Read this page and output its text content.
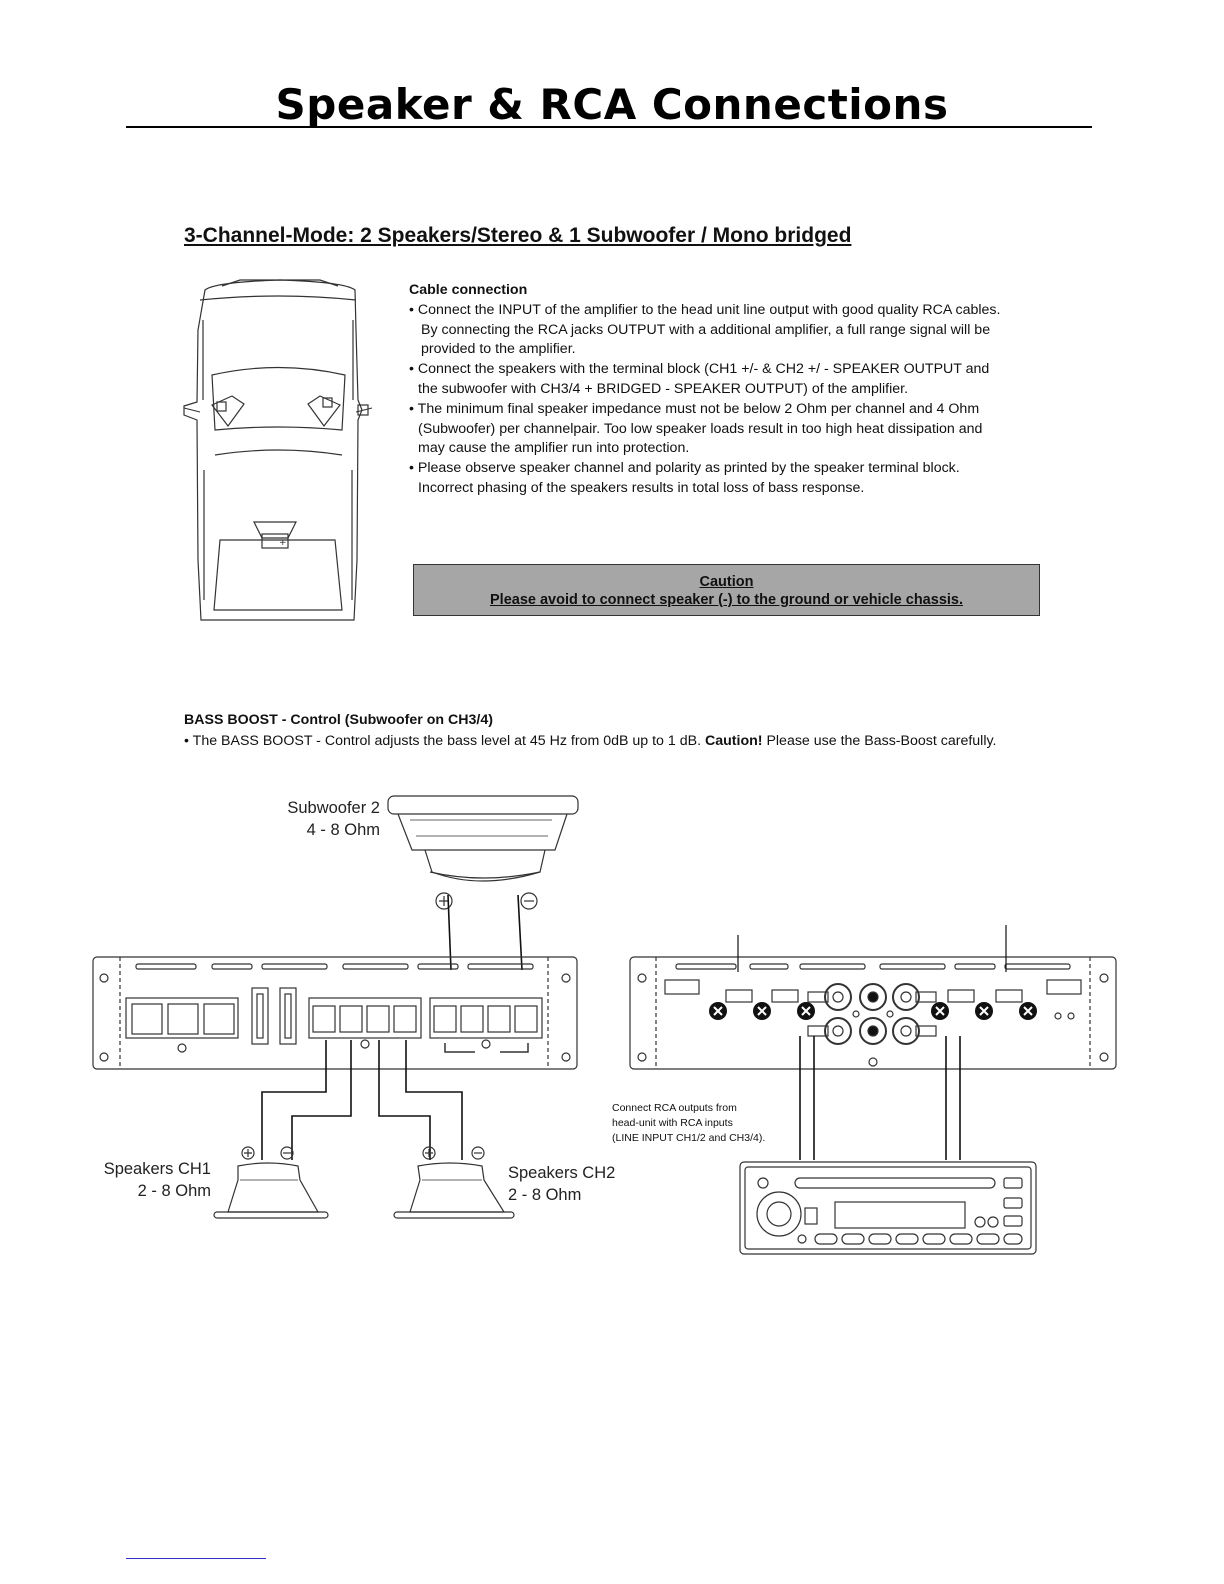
Speaker & RCA Connections
3-Channel-Mode: 2 Speakers/Stereo & 1 Subwoofer / Mono bridged

Cable connection

• Connect the INPUT of the amplifier to the head unit line output with good quality RCA cables.

By connecting the RCA jacks OUTPUT with a additional amplifier, a full range signal will be

provided to the amplifier.

• Connect the speakers with the terminal block (CH1 +/- & CH2 +/ - SPEAKER OUTPUT and

the subwoofer with CH3/4 + BRIDGED - SPEAKER OUTPUT) of the amplifier.

• The minimum final speaker impedance must not be below 2 Ohm per channel and 4 Ohm

(Subwoofer) per channelpair. Too low speaker loads result in too high heat dissipation and

may cause the amplifier run into protection.

• Please observe speaker channel and polarity as printed by the speaker terminal block.

Incorrect phasing of the speakers results in total loss of bass response.

Caution
Please avoid to connect speaker (-) to the ground or vehicle chassis.
BASS BOOST - Control (Subwoofer on CH3/4)
• The BASS BOOST - Control adjusts the bass level at 45 Hz from 0dB up to 1 dB. Caution! Please use the Bass-Boost carefully.
Subwoofer 2
4 - 8 Ohm
Speakers CH1
2 - 8 Ohm
Speakers CH2
2 - 8 Ohm
Connect RCA outputs from
head-unit with RCA inputs
(LINE INPUT CH1/2 and CH3/4).
+
